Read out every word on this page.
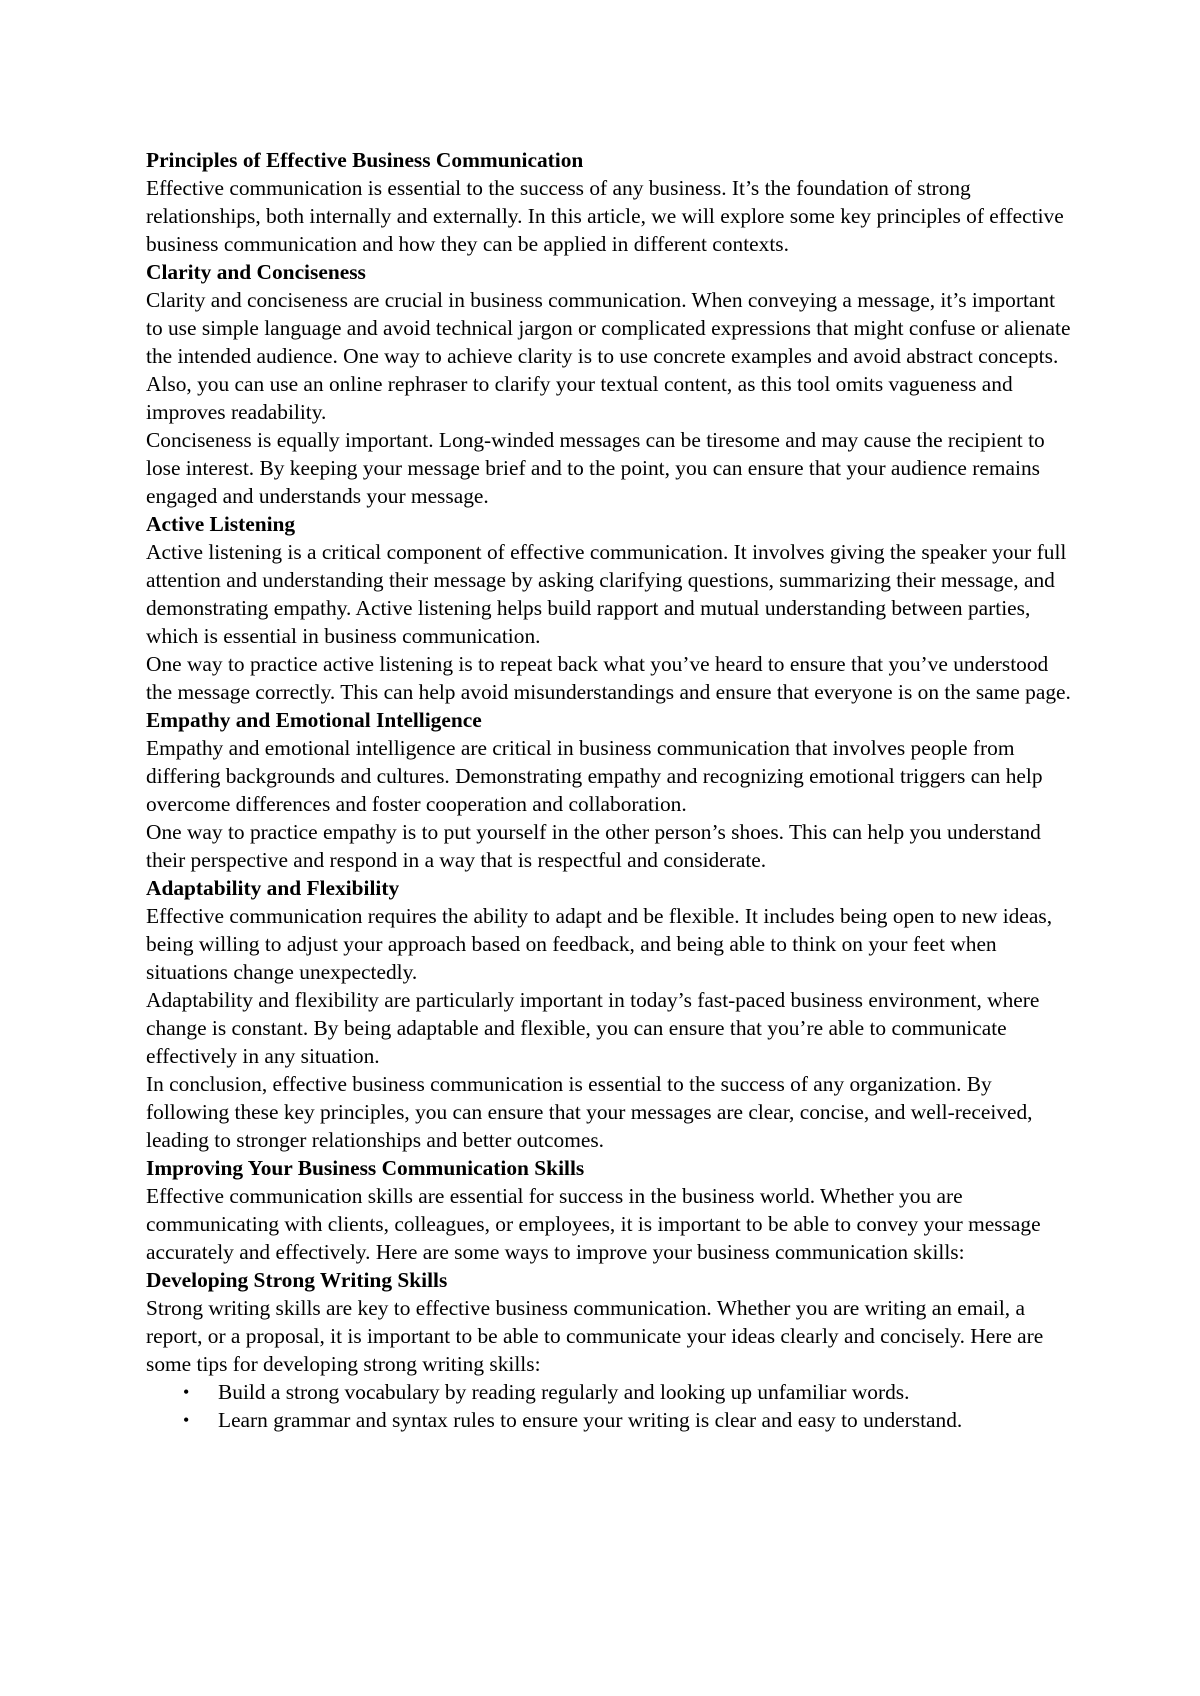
Principles of Effective Business Communication

Effective communication is essential to the success of any business. It’s the foundation of strong relationships, both internally and externally. In this article, we will explore some key principles of effective business communication and how they can be applied in different contexts.

Clarity and Conciseness

Clarity and conciseness are crucial in business communication. When conveying a message, it’s important to use simple language and avoid technical jargon or complicated expressions that might confuse or alienate the intended audience. One way to achieve clarity is to use concrete examples and avoid abstract concepts. Also, you can use an online rephraser to clarify your textual content, as this tool omits vagueness and improves readability.

Conciseness is equally important. Long-winded messages can be tiresome and may cause the recipient to lose interest. By keeping your message brief and to the point, you can ensure that your audience remains engaged and understands your message.

Active Listening

Active listening is a critical component of effective communication. It involves giving the speaker your full attention and understanding their message by asking clarifying questions, summarizing their message, and demonstrating empathy. Active listening helps build rapport and mutual understanding between parties, which is essential in business communication.

One way to practice active listening is to repeat back what you’ve heard to ensure that you’ve understood the message correctly. This can help avoid misunderstandings and ensure that everyone is on the same page.

Empathy and Emotional Intelligence

Empathy and emotional intelligence are critical in business communication that involves people from differing backgrounds and cultures. Demonstrating empathy and recognizing emotional triggers can help overcome differences and foster cooperation and collaboration.

One way to practice empathy is to put yourself in the other person’s shoes. This can help you understand their perspective and respond in a way that is respectful and considerate.

Adaptability and Flexibility

Effective communication requires the ability to adapt and be flexible. It includes being open to new ideas, being willing to adjust your approach based on feedback, and being able to think on your feet when situations change unexpectedly.

Adaptability and flexibility are particularly important in today’s fast-paced business environment, where change is constant. By being adaptable and flexible, you can ensure that you’re able to communicate effectively in any situation.

In conclusion, effective business communication is essential to the success of any organization. By following these key principles, you can ensure that your messages are clear, concise, and well-received, leading to stronger relationships and better outcomes.

Improving Your Business Communication Skills

Effective communication skills are essential for success in the business world. Whether you are communicating with clients, colleagues, or employees, it is important to be able to convey your message accurately and effectively. Here are some ways to improve your business communication skills:

Developing Strong Writing Skills

Strong writing skills are key to effective business communication. Whether you are writing an email, a report, or a proposal, it is important to be able to communicate your ideas clearly and concisely. Here are some tips for developing strong writing skills:

• Build a strong vocabulary by reading regularly and looking up unfamiliar words.
• Learn grammar and syntax rules to ensure your writing is clear and easy to understand.
